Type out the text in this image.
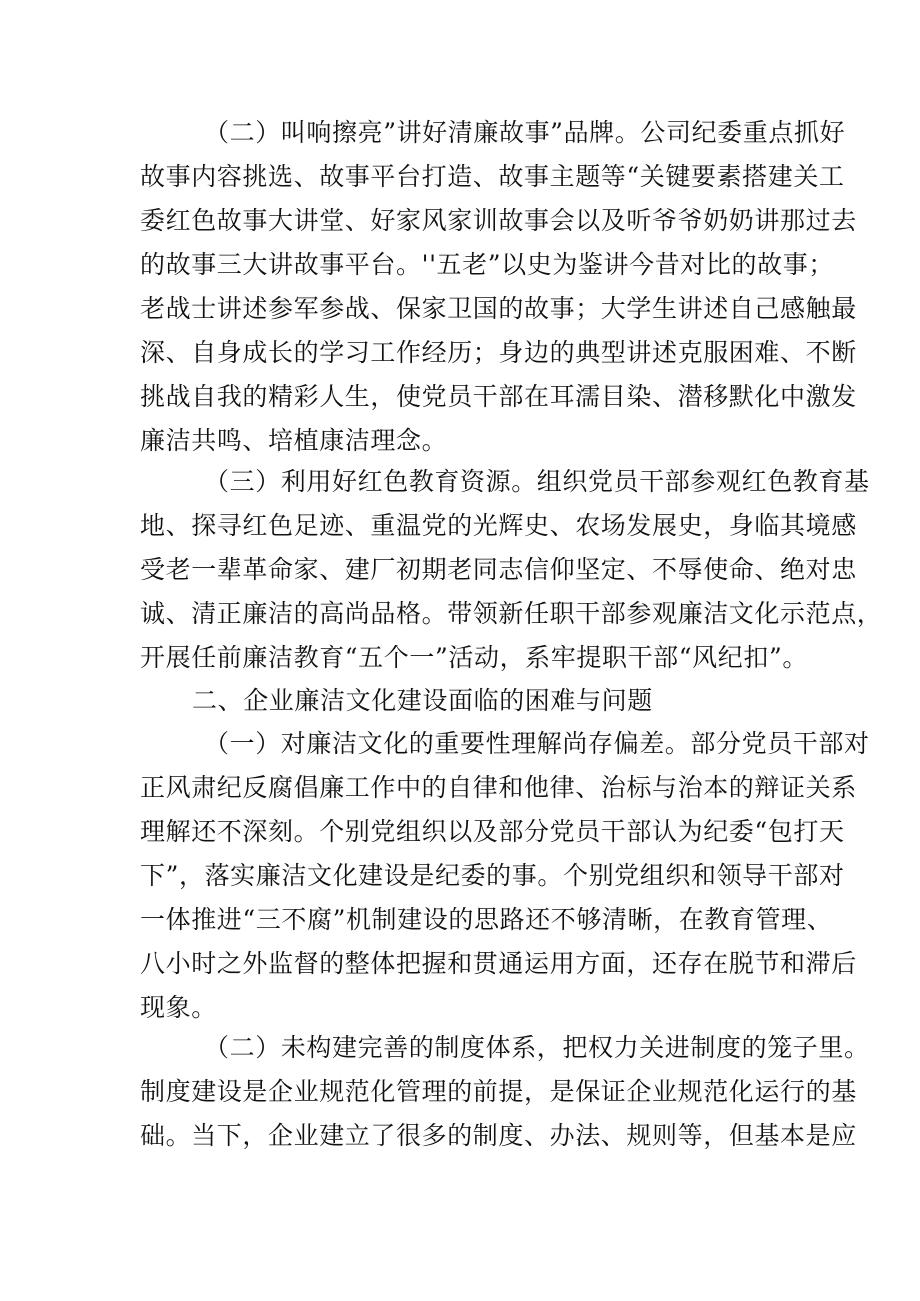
（二）叫响擦亮”讲好清廉故事”品牌。公司纪委重点抓好
故事内容挑选、故事平台打造、故事主题等“关键要素搭建关工
委红色故事大讲堂、好家风家训故事会以及听爷爷奶奶讲那过去
的故事三大讲故事平台。''五老”以史为鉴讲今昔对比的故事；
老战士讲述参军参战、保家卫国的故事；大学生讲述自己感触最
深、自身成长的学习工作经历；身边的典型讲述克服困难、不断
挑战自我的精彩人生，使党员干部在耳濡目染、潜移默化中激发
廉洁共鸣、培植康洁理念。
（三）利用好红色教育资源。组织党员干部参观红色教育基
地、探寻红色足迹、重温党的光辉史、农场发展史，身临其境感
受老一辈革命家、建厂初期老同志信仰坚定、不辱使命、绝对忠
诚、清正廉洁的高尚品格。带领新任职干部参观廉洁文化示范点，
开展任前廉洁教育“五个一”活动，系牢提职干部“风纪扣”。
二、企业廉洁文化建设面临的困难与问题
（一）对廉洁文化的重要性理解尚存偏差。部分党员干部对
正风肃纪反腐倡廉工作中的自律和他律、治标与治本的辩证关系
理解还不深刻。个别党组织以及部分党员干部认为纪委“包打天
下”，落实廉洁文化建设是纪委的事。个别党组织和领导干部对
一体推进“三不腐”机制建设的思路还不够清晰，在教育管理、
八小时之外监督的整体把握和贯通运用方面，还存在脱节和滞后
现象。
（二）未构建完善的制度体系，把权力关进制度的笼子里。
制度建设是企业规范化管理的前提，是保证企业规范化运行的基
础。当下，企业建立了很多的制度、办法、规则等，但基本是应
